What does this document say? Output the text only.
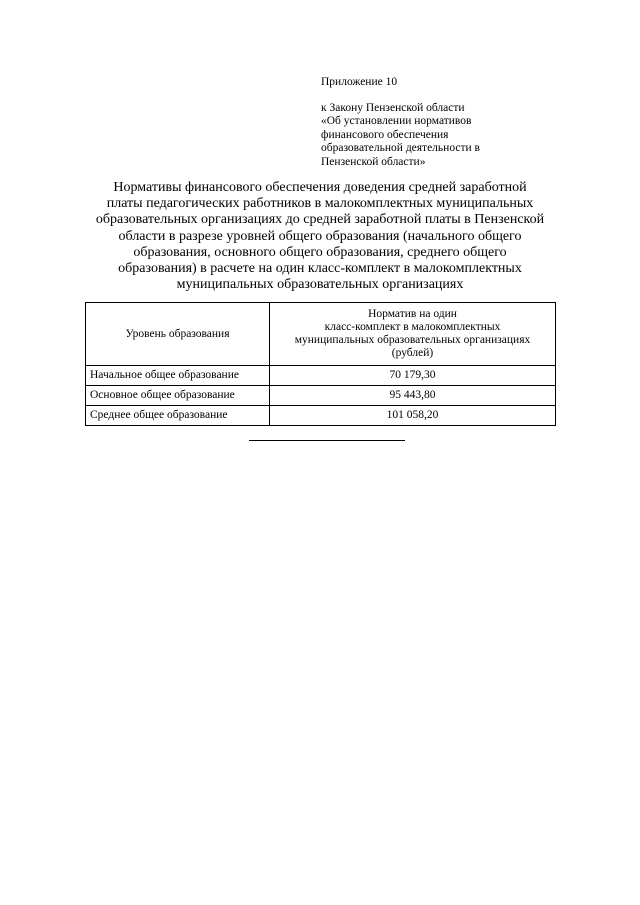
Приложение 10
к Закону Пензенской области
«Об установлении нормативов
финансового обеспечения
образовательной деятельности в
Пензенской области»
Нормативы финансового обеспечения доведения средней заработной
платы педагогических работников в малокомплектных муниципальных
образовательных организациях до средней заработной платы в Пензенской
области в разрезе уровней общего образования (начального общего
образования, основного общего образования, среднего общего
образования) в расчете на один класс-комплект в малокомплектных
муниципальных образовательных организациях
Уровень образования	Норматив на один
класс-комплект в малокомплектных
муниципальных образовательных организациях
(рублей)

Начальное общее образование	70 179,30
Основное общее образование	95 443,80
Среднее общее образование	101 058,20
